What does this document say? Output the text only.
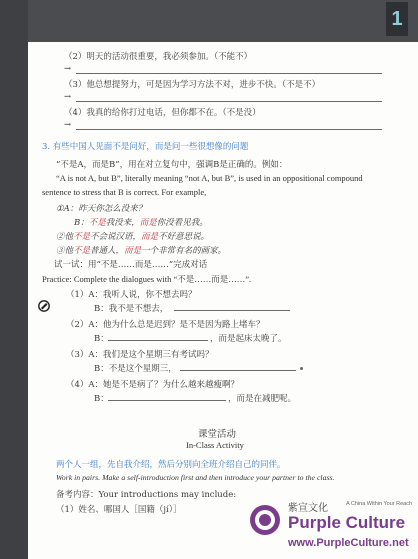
1
（2）明天的活动很重要，我必须参加。（不能不）
→
（3）他总想提努力，可是因为学习方法不对，进步不快。（不是不）
→
（4）我真的给你打过电话，但你都不在。（不是没）
→
3. 有些中国人见面不是问好，而是问一些很想像的问题
“不是A，而是B”，用在对立复句中，强调B是正确的。例如：
“A is not A, but B”, literally meaning “not A, but B”, is used in an oppositional compound
sentence to stress that B is correct. For example,
①A：昨天你怎么没来？
B：不是我没来，而是你没看见我。
②他不是不会说汉语，而是不好意思说。
③他不是普通人，而是一个非常有名的画家。
试一试：用“不是……而是……”完成对话
Practice: Complete the dialogues with “不是……而是……”.
（1）A：我听人说，你不想去吗？
B：我不是不想去，
（2）A：他为什么总是迟到？是不是因为路上堵车？
B：	，而是起床太晚了。
（3）A：我们是这个星期三有考试吗？
B：不是这个星期三，
（4）A：她是不是病了？为什么越来越瘦啊？
B：	，而是在减肥呢。
课堂活动
In-Class Activity
两个人一组，先自我介绍，然后分别向全班介绍自己的同伴。
Work in pairs. Make a self-introduction first and then introduce your partner to the class.
备考内容：Your introductions may include:
（1）姓名、哪国人［国籍（jí）］	紫宣文化	A China Within Your Reach
Purple Culture
www.PurpleCulture.net
